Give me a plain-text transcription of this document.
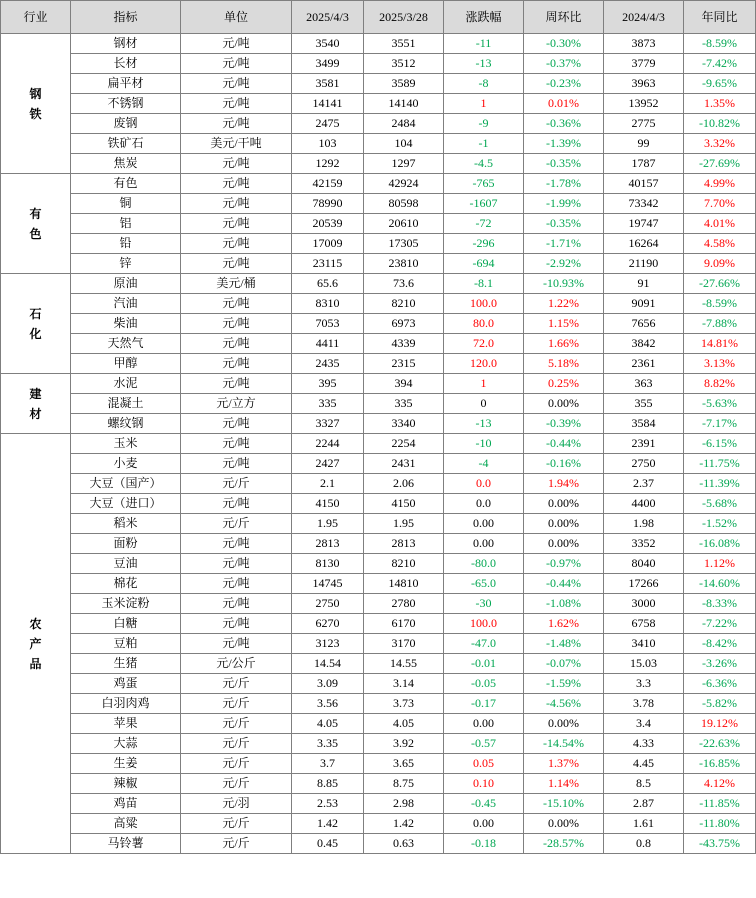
行业	指标	单位	2025/4/3	2025/3/28	涨跌幅	周环比	2024/4/3	年同比

钢铁	钢材	元/吨	3540	3551	-11	-0.30%	3873	-8.59%
	长材	元/吨	3499	3512	-13	-0.37%	3779	-7.42%
	扁平材	元/吨	3581	3589	-8	-0.23%	3963	-9.65%
	不锈钢	元/吨	14141	14140	1	0.01%	13952	1.35%
	废钢	元/吨	2475	2484	-9	-0.36%	2775	-10.82%
	铁矿石	美元/干吨	103	104	-1	-1.39%	99	3.32%
	焦炭	元/吨	1292	1297	-4.5	-0.35%	1787	-27.69%

有色	有色	元/吨	42159	42924	-765	-1.78%	40157	4.99%
	铜	元/吨	78990	80598	-1607	-1.99%	73342	7.70%
	铝	元/吨	20539	20610	-72	-0.35%	19747	4.01%
	铅	元/吨	17009	17305	-296	-1.71%	16264	4.58%
	锌	元/吨	23115	23810	-694	-2.92%	21190	9.09%

石化	原油	美元/桶	65.6	73.6	-8.1	-10.93%	91	-27.66%
	汽油	元/吨	8310	8210	100.0	1.22%	9091	-8.59%
	柴油	元/吨	7053	6973	80.0	1.15%	7656	-7.88%
	天然气	元/吨	4411	4339	72.0	1.66%	3842	14.81%
	甲醇	元/吨	2435	2315	120.0	5.18%	2361	3.13%

建材	水泥	元/吨	395	394	1	0.25%	363	8.82%
	混凝土	元/立方	335	335	0	0.00%	355	-5.63%
	螺纹钢	元/吨	3327	3340	-13	-0.39%	3584	-7.17%

农产品	玉米	元/吨	2244	2254	-10	-0.44%	2391	-6.15%
	小麦	元/吨	2427	2431	-4	-0.16%	2750	-11.75%
	大豆（国产）	元/斤	2.1	2.06	0.0	1.94%	2.37	-11.39%
	大豆（进口）	元/吨	4150	4150	0.0	0.00%	4400	-5.68%
	稻米	元/斤	1.95	1.95	0.00	0.00%	1.98	-1.52%
	面粉	元/吨	2813	2813	0.00	0.00%	3352	-16.08%
	豆油	元/吨	8130	8210	-80.0	-0.97%	8040	1.12%
	棉花	元/吨	14745	14810	-65.0	-0.44%	17266	-14.60%
	玉米淀粉	元/吨	2750	2780	-30	-1.08%	3000	-8.33%
	白糖	元/吨	6270	6170	100.0	1.62%	6758	-7.22%
	豆粕	元/吨	3123	3170	-47.0	-1.48%	3410	-8.42%
	生猪	元/公斤	14.54	14.55	-0.01	-0.07%	15.03	-3.26%
	鸡蛋	元/斤	3.09	3.14	-0.05	-1.59%	3.3	-6.36%
	白羽肉鸡	元/斤	3.56	3.73	-0.17	-4.56%	3.78	-5.82%
	苹果	元/斤	4.05	4.05	0.00	0.00%	3.4	19.12%
	大蒜	元/斤	3.35	3.92	-0.57	-14.54%	4.33	-22.63%
	生姜	元/斤	3.7	3.65	0.05	1.37%	4.45	-16.85%
	辣椒	元/斤	8.85	8.75	0.10	1.14%	8.5	4.12%
	鸡苗	元/羽	2.53	2.98	-0.45	-15.10%	2.87	-11.85%
	高粱	元/斤	1.42	1.42	0.00	0.00%	1.61	-11.80%
	马铃薯	元/斤	0.45	0.63	-0.18	-28.57%	0.8	-43.75%
